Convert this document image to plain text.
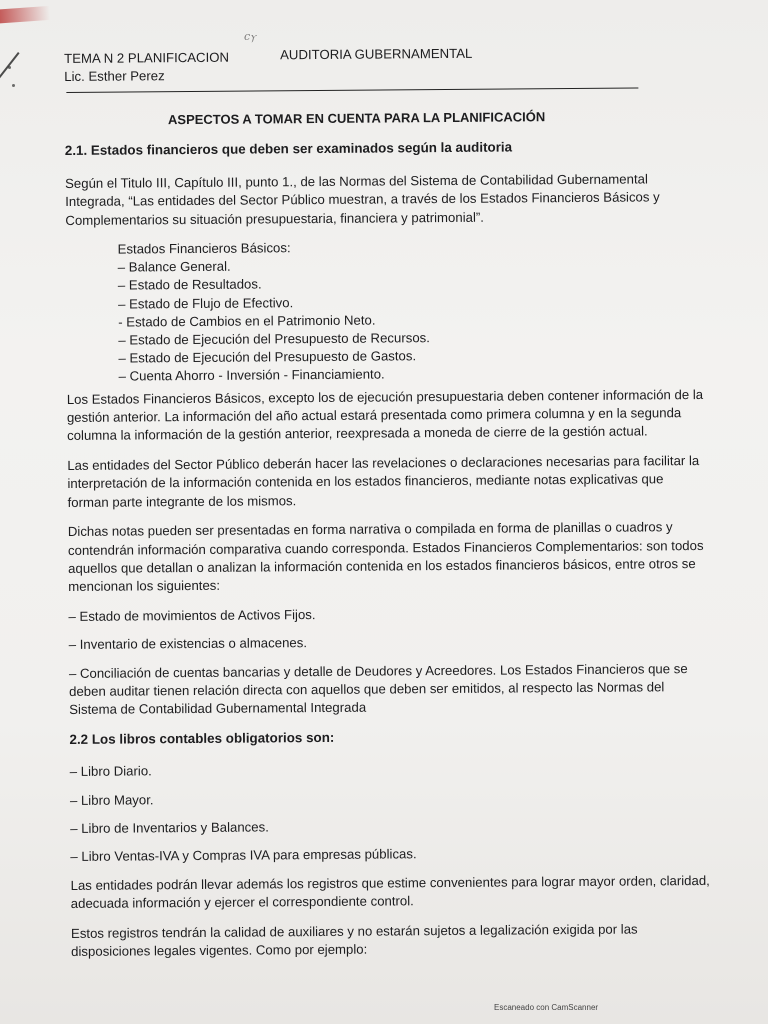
ϲⲩ
TEMA N 2 PLANIFICACION
Lic. Esther Perez
AUDITORIA GUBERNAMENTAL
ASPECTOS A TOMAR EN CUENTA PARA LA PLANIFICACIÓN
2.1. Estados financieros que deben ser examinados según la auditoria

Según el Titulo III, Capítulo III, punto 1., de las Normas del Sistema de Contabilidad Gubernamental Integrada, “Las entidades del Sector Público muestran, a través de los Estados Financieros Básicos y Complementarios su situación presupuestaria, financiera y patrimonial”.

Estados Financieros Básicos:
– Balance General.
– Estado de Resultados.
– Estado de Flujo de Efectivo.
- Estado de Cambios en el Patrimonio Neto.
– Estado de Ejecución del Presupuesto de Recursos.
– Estado de Ejecución del Presupuesto de Gastos.
– Cuenta Ahorro - Inversión - Financiamiento.

Los Estados Financieros Básicos, excepto los de ejecución presupuestaria deben contener información de la gestión anterior. La información del año actual estará presentada como primera columna y en la segunda columna la información de la gestión anterior, reexpresada a moneda de cierre de la gestión actual.

Las entidades del Sector Público deberán hacer las revelaciones o declaraciones necesarias para facilitar la interpretación de la información contenida en los estados financieros, mediante notas explicativas que forman parte integrante de los mismos.

Dichas notas pueden ser presentadas en forma narrativa o compilada en forma de planillas o cuadros y contendrán información comparativa cuando corresponda. Estados Financieros Complementarios: son todos aquellos que detallan o analizan la información contenida en los estados financieros básicos, entre otros se mencionan los siguientes:

– Estado de movimientos de Activos Fijos.
– Inventario de existencias o almacenes.

– Conciliación de cuentas bancarias y detalle de Deudores y Acreedores. Los Estados Financieros que se deben auditar tienen relación directa con aquellos que deben ser emitidos, al respecto las Normas del Sistema de Contabilidad Gubernamental Integrada

2.2 Los libros contables obligatorios son:
– Libro Diario.
– Libro Mayor.
– Libro de Inventarios y Balances.
– Libro Ventas-IVA y Compras IVA para empresas públicas.

Las entidades podrán llevar además los registros que estime convenientes para lograr mayor orden, claridad, adecuada información y ejercer el correspondiente control.

Estos registros tendrán la calidad de auxiliares y no estarán sujetos a legalización exigida por las disposiciones legales vigentes. Como por ejemplo:

Escaneado con CamScanner
